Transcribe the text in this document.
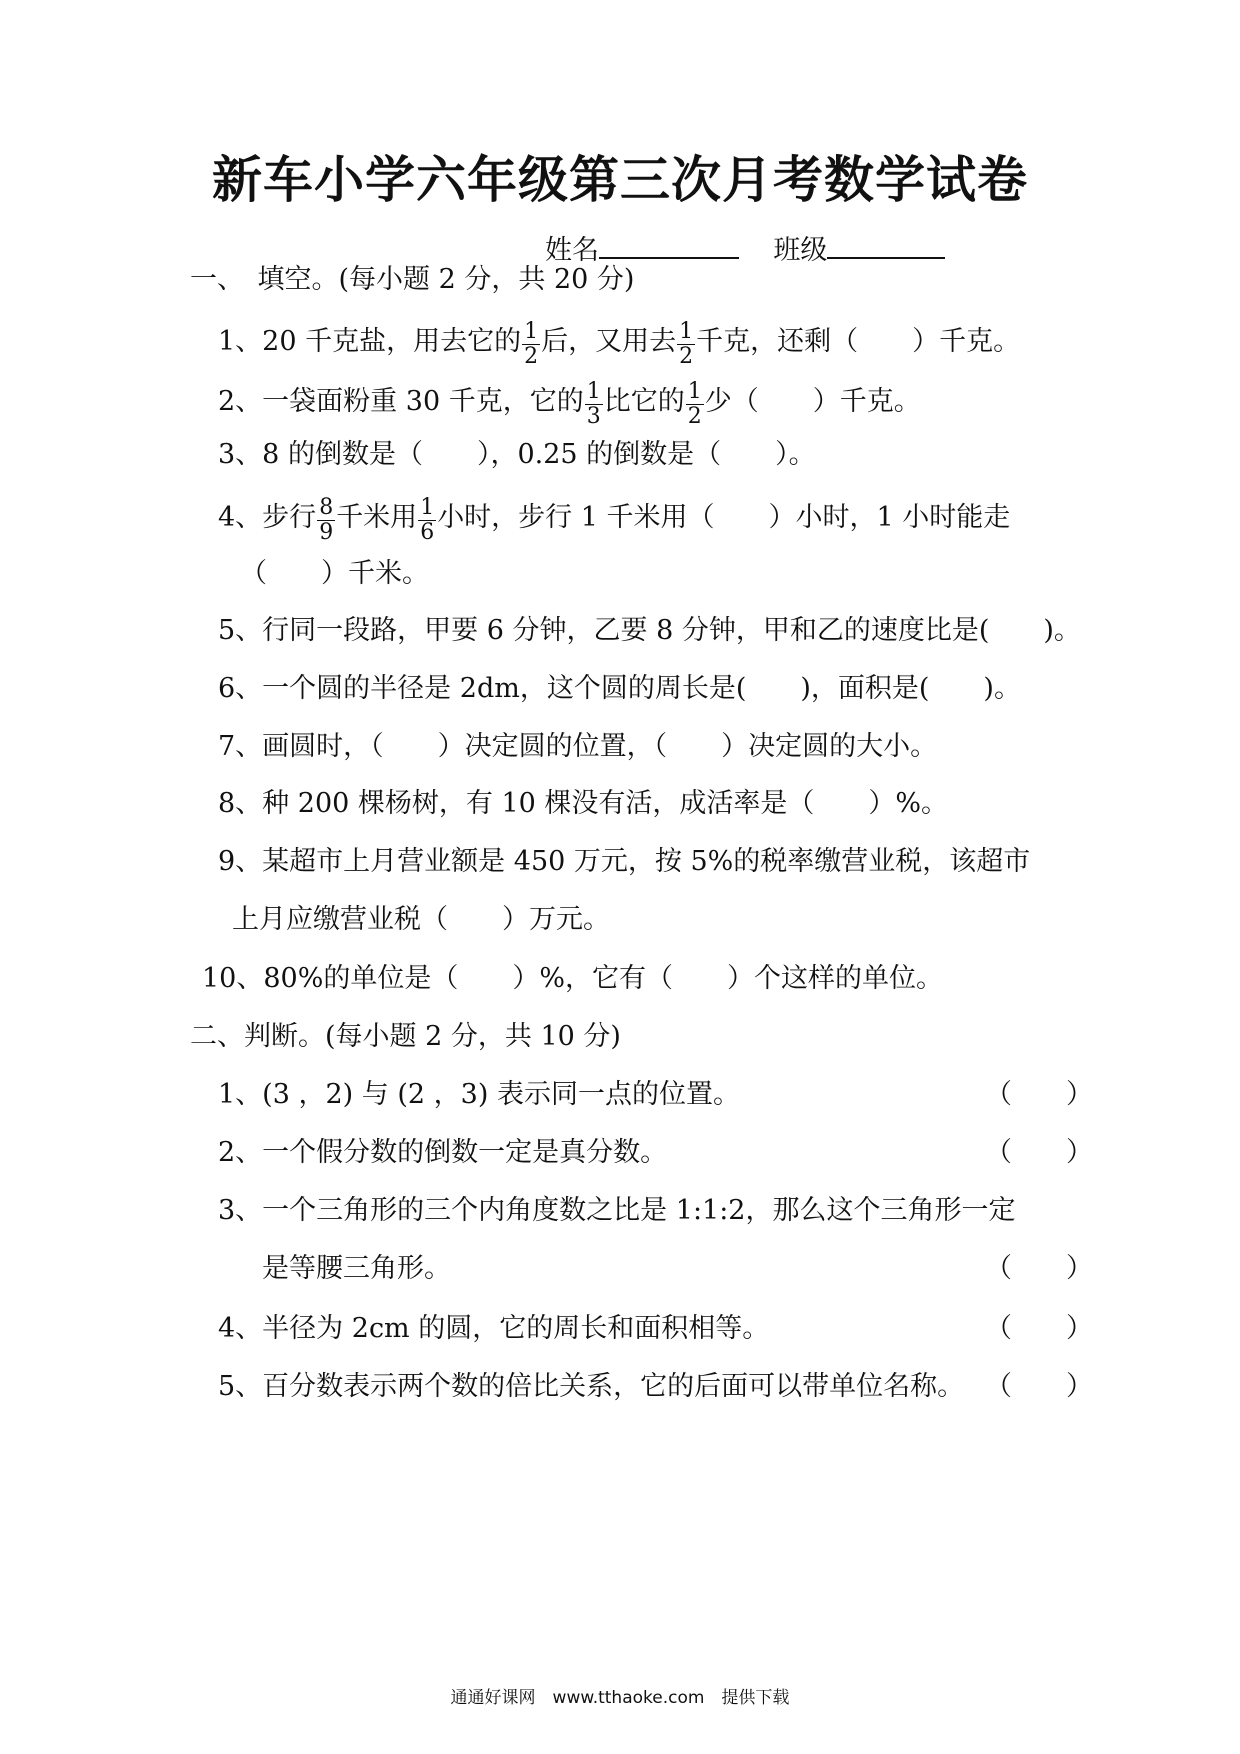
新车小学六年级第三次月考数学试卷
姓名	班级
一、　填空。(每小题 2 分，共 20 分)
1、20 千克盐，用去它的 $\frac{1}{2}$ 后，又用去 $\frac{1}{2}$ 千克，还剩（　　）千克。
2、一袋面粉重 30 千克，它的 $\frac{1}{3}$ 比它的 $\frac{1}{2}$ 少（　　）千克。
3、8 的倒数是（　　），0.25 的倒数是（　　）。
4、步行 $\frac{8}{9}$ 千米用 $\frac{1}{6}$ 小时，步行 1 千米用（　　）小时，1 小时能走
（　　）千米。
5、行同一段路，甲要 6 分钟，乙要 8 分钟，甲和乙的速度比是(　　)。
6、一个圆的半径是 2dm，这个圆的周长是(　　)，面积是(　　)。
7、画圆时，（　　）决定圆的位置，（　　）决定圆的大小。
8、种 200 棵杨树，有 10 棵没有活，成活率是（　　）%。
9、某超市上月营业额是 450 万元，按 5%的税率缴营业税，该超市
上月应缴营业税（　　）万元。
10、80%的单位是（　　）%，它有（　　）个这样的单位。
二、判断。(每小题 2 分，共 10 分)
1、(3 ，2) 与 (2 ，3) 表示同一点的位置。	（　　）
2、一个假分数的倒数一定是真分数。	（　　）
3、一个三角形的三个内角度数之比是 1:1:2，那么这个三角形一定
是等腰三角形。	（　　）
4、半径为 2cm 的圆，它的周长和面积相等。	（　　）
5、百分数表示两个数的倍比关系，它的后面可以带单位名称。 （　　）
通通好课网　www.tthaoke.com　提供下载
